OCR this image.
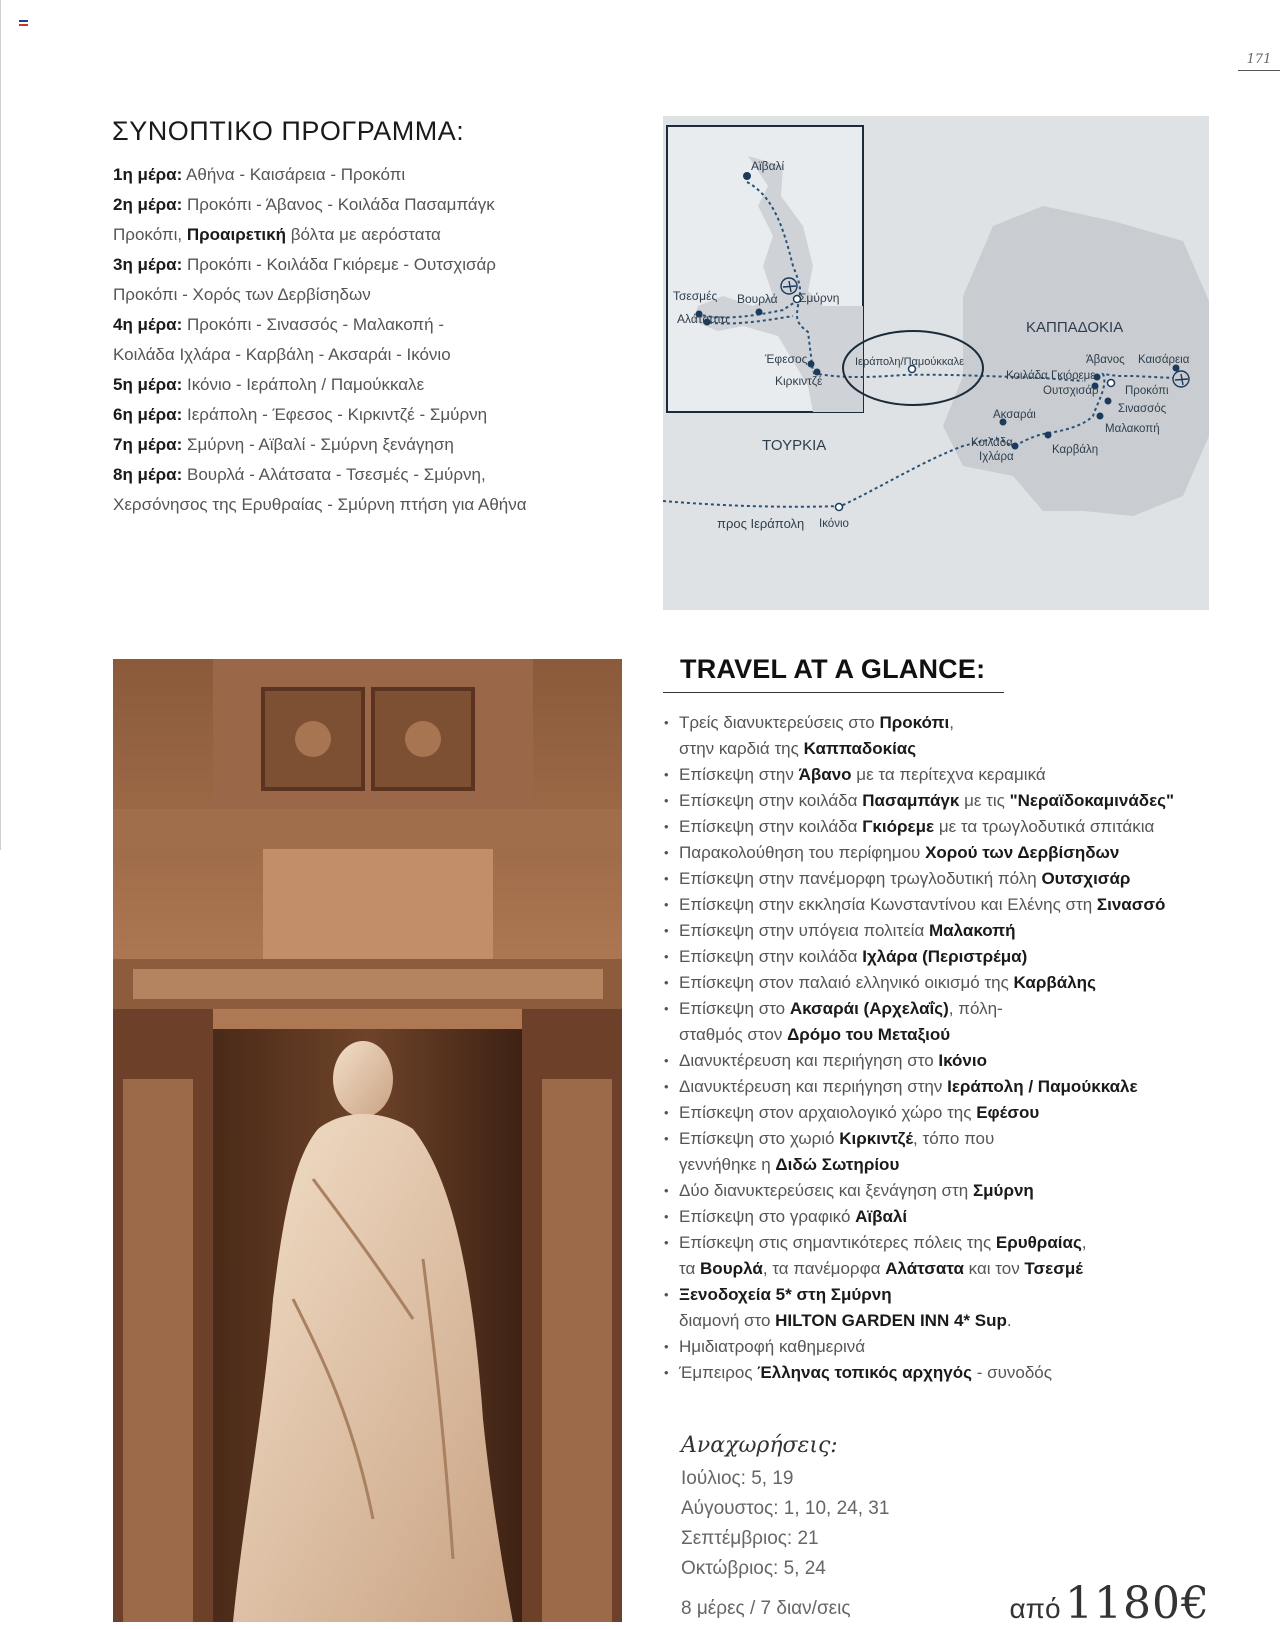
171
ΣΥΝΟΠΤΙΚΟ ΠΡΟΓΡΑΜΜΑ:
1η μέρα: Αθήνα - Καισάρεια - Προκόπι
2η μέρα: Προκόπι - Άβανος - Κοιλάδα Πασαμπάγκ
Προκόπι, Προαιρετική βόλτα με αερόστατα
3η μέρα: Προκόπι - Κοιλάδα Γκιόρεμε - Ουτσχισάρ
Προκόπι - Χορός των Δερβίσηδων
4η μέρα: Προκόπι - Σινασσός - Μαλακοπή -
Κοιλάδα Ιχλάρα - Καρβάλη - Ακσαράι - Ικόνιο
5η μέρα: Ικόνιο - Ιεράπολη / Παμούκκαλε
6η μέρα: Ιεράπολη - Έφεσος - Κιρκιντζέ - Σμύρνη
7η μέρα: Σμύρνη - Αϊβαλί - Σμύρνη ξενάγηση
8η μέρα: Βουρλά - Αλάτσατα - Τσεσμές - Σμύρνη,
Χερσόνησος της Ερυθραίας - Σμύρνη πτήση για Αθήνα
Αϊβαλί
Τσεσμές
Αλάτσατα
Βουρλά Σμύρνη
Έφεσος
Κιρκιντζέ
Ιεράπολη/Παμούκκαλε
ΚΑΠΠΑΔΟΚΙΑ
ΤΟΥΡΚΙΑ
Άβανος Καισάρεια
Κοιλάδα Γκιόρεμε
Ουτσχισάρ Προκόπι
Σινασσός
Μαλακοπή
Ακσαράι
Κοιλάδα
Ιχλάρα
Καρβάλη
προς Ιεράπολη Ικόνιο
TRAVEL AT A GLANCE:
• Τρείς διανυκτερεύσεις στο Προκόπι,
στην καρδιά της Καππαδοκίας
• Επίσκεψη στην Άβανο με τα περίτεχνα κεραμικά
• Επίσκεψη στην κοιλάδα Πασαμπάγκ με τις "Νεραϊδοκαμινάδες"
• Επίσκεψη στην κοιλάδα Γκιόρεμε με τα τρωγλοδυτικά σπιτάκια
• Παρακολούθηση του περίφημου Χορού των Δερβίσηδων
• Επίσκεψη στην πανέμορφη τρωγλοδυτική πόλη Ουτσχισάρ
• Επίσκεψη στην εκκλησία Κωνσταντίνου και Ελένης στη Σινασσό
• Επίσκεψη στην υπόγεια πολιτεία Μαλακοπή
• Επίσκεψη στην κοιλάδα Ιχλάρα (Περιστρέμα)
• Επίσκεψη στον παλαιό ελληνικό οικισμό της Καρβάλης
• Επίσκεψη στο Ακσαράι (Αρχελαΐς), πόλη-
σταθμός στον Δρόμο του Μεταξιού
• Διανυκτέρευση και περιήγηση στο Ικόνιο
• Διανυκτέρευση και περιήγηση στην Ιεράπολη / Παμούκκαλε
• Επίσκεψη στον αρχαιολογικό χώρο της Εφέσου
• Επίσκεψη στο χωριό Κιρκιντζέ, τόπο που
γεννήθηκε η Διδώ Σωτηρίου
• Δύο διανυκτερεύσεις και ξενάγηση στη Σμύρνη
• Επίσκεψη στο γραφικό Αϊβαλί
• Επίσκεψη στις σημαντικότερες πόλεις της Ερυθραίας,
τα Βουρλά, τα πανέμορφα Αλάτσατα και τον Τσεσμέ
• Ξενοδοχεία 5* στη Σμύρνη
διαμονή στο HILTON GARDEN INN 4* Sup.
• Ημιδιατροφή καθημερινά
• Έμπειρος Έλληνας τοπικός αρχηγός - συνοδός
Αναχωρήσεις:
Ιούλιος: 5, 19
Αύγουστος: 1, 10, 24, 31
Σεπτέμβριος: 21
Οκτώβριος: 5, 24
8 μέρες / 7 διαν/σεις	από 1180€
